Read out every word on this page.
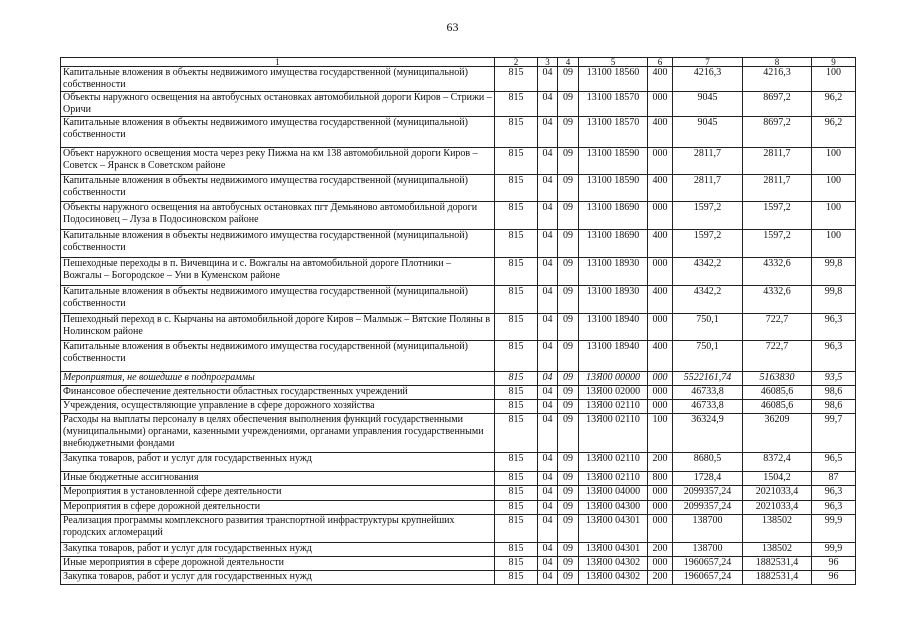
63
1	2	3	4	5	6	7	8	9
Капитальные вложения в объекты недвижимого имущества государственной (муниципальной) собственности	815	04	09	13100 18560	400	4216,3	4216,3	100
Объекты наружного освещения на автобусных остановках автомобильной дороги Киров – Стрижи – Оричи	815	04	09	13100 18570	000	9045	8697,2	96,2
Капитальные вложения в объекты недвижимого имущества государственной (муниципальной) собственности	815	04	09	13100 18570	400	9045	8697,2	96,2
Объект наружного освещения моста через реку Пижма на км 138 автомобильной дороги Киров – Советск – Яранск в Советском районе	815	04	09	13100 18590	000	2811,7	2811,7	100
Капитальные вложения в объекты недвижимого имущества государственной (муниципальной) собственности	815	04	09	13100 18590	400	2811,7	2811,7	100
Объекты наружного освещения на автобусных остановках пгт Демьяново автомобильной дороги Подосиновец – Луза в Подосиновском районе	815	04	09	13100 18690	000	1597,2	1597,2	100
Капитальные вложения в объекты недвижимого имущества государственной (муниципальной) собственности	815	04	09	13100 18690	400	1597,2	1597,2	100
Пешеходные переходы в п. Вичевщина и с. Вожгалы на автомобильной дороге Плотники – Вожгалы – Богородское – Уни в Куменском районе	815	04	09	13100 18930	000	4342,2	4332,6	99,8
Капитальные вложения в объекты недвижимого имущества государственной (муниципальной) собственности	815	04	09	13100 18930	400	4342,2	4332,6	99,8
Пешеходный переход в с. Кырчаны на автомобильной дороге Киров – Малмыж – Вятские Поляны в Нолинском районе	815	04	09	13100 18940	000	750,1	722,7	96,3
Капитальные вложения в объекты недвижимого имущества государственной (муниципальной) собственности	815	04	09	13100 18940	400	750,1	722,7	96,3
Мероприятия, не вошедшие в подпрограммы	815	04	09	13Я00 00000	000	5522161,74	5163830	93,5
Финансовое обеспечение деятельности областных государственных учреждений	815	04	09	13Я00 02000	000	46733,8	46085,6	98,6
Учреждения, осуществляющие управление в сфере дорожного хозяйства	815	04	09	13Я00 02110	000	46733,8	46085,6	98,6
Расходы на выплаты персоналу в целях обеспечения выполнения функций государственными (муниципальными) органами, казенными учреждениями, органами управления государственными внебюджетными фондами	815	04	09	13Я00 02110	100	36324,9	36209	99,7
Закупка товаров, работ и услуг для государственных нужд	815	04	09	13Я00 02110	200	8680,5	8372,4	96,5
Иные бюджетные ассигнования	815	04	09	13Я00 02110	800	1728,4	1504,2	87
Мероприятия в установленной сфере деятельности	815	04	09	13Я00 04000	000	2099357,24	2021033,4	96,3
Мероприятия в сфере дорожной деятельности	815	04	09	13Я00 04300	000	2099357,24	2021033,4	96,3
Реализация программы комплексного развития транспортной инфраструктуры крупнейших городских агломераций	815	04	09	13Я00 04301	000	138700	138502	99,9
Закупка товаров, работ и услуг для государственных нужд	815	04	09	13Я00 04301	200	138700	138502	99,9
Иные мероприятия в сфере дорожной деятельности	815	04	09	13Я00 04302	000	1960657,24	1882531,4	96
Закупка товаров, работ и услуг для государственных нужд	815	04	09	13Я00 04302	200	1960657,24	1882531,4	96
